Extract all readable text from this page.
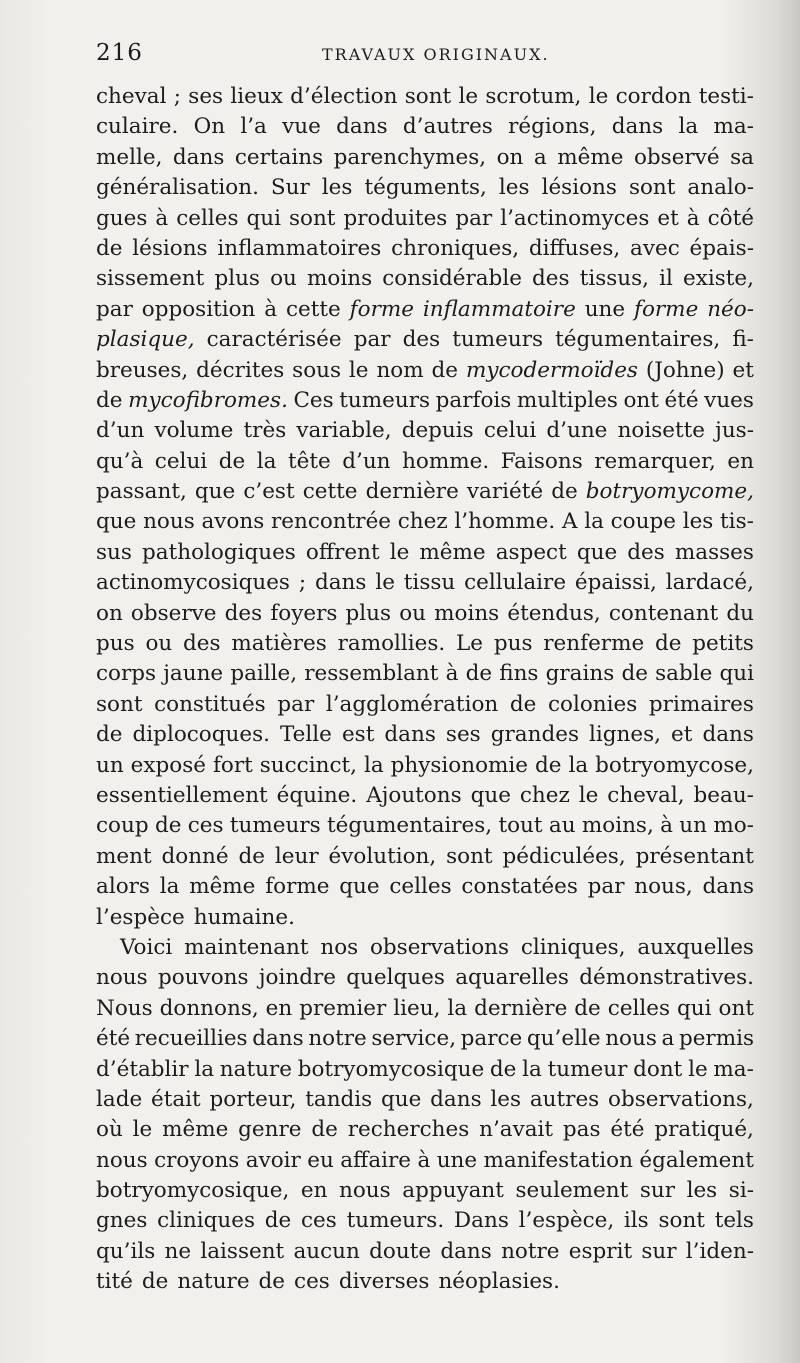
216	TRAVAUX ORIGINAUX.
cheval ; ses lieux d’élection sont le scrotum, le cordon testi-
culaire. On l’a vue dans d’autres régions, dans la ma-
melle, dans certains parenchymes, on a même observé sa
généralisation. Sur les téguments, les lésions sont analo-
gues à celles qui sont produites par l’actinomyces et à côté
de lésions inflammatoires chroniques, diffuses, avec épais-
sissement plus ou moins considérable des tissus, il existe,
par opposition à cette forme inflammatoire une forme néo-
plasique, caractérisée par des tumeurs tégumentaires, fi-
breuses, décrites sous le nom de mycodermoïdes (Johne) et
de mycofibromes. Ces tumeurs parfois multiples ont été vues
d’un volume très variable, depuis celui d’une noisette jus-
qu’à celui de la tête d’un homme. Faisons remarquer, en
passant, que c’est cette dernière variété de botryomycome,
que nous avons rencontrée chez l’homme. A la coupe les tis-
sus pathologiques offrent le même aspect que des masses
actinomycosiques ; dans le tissu cellulaire épaissi, lardacé,
on observe des foyers plus ou moins étendus, contenant du
pus ou des matières ramollies. Le pus renferme de petits
corps jaune paille, ressemblant à de fins grains de sable qui
sont constitués par l’agglomération de colonies primaires
de diplocoques. Telle est dans ses grandes lignes, et dans
un exposé fort succinct, la physionomie de la botryomycose,
essentiellement équine. Ajoutons que chez le cheval, beau-
coup de ces tumeurs tégumentaires, tout au moins, à un mo-
ment donné de leur évolution, sont pédiculées, présentant
alors la même forme que celles constatées par nous, dans
l’espèce humaine.
Voici maintenant nos observations cliniques, auxquelles
nous pouvons joindre quelques aquarelles démonstratives.
Nous donnons, en premier lieu, la dernière de celles qui ont
été recueillies dans notre service, parce qu’elle nous a permis
d’établir la nature botryomycosique de la tumeur dont le ma-
lade était porteur, tandis que dans les autres observations,
où le même genre de recherches n’avait pas été pratiqué,
nous croyons avoir eu affaire à une manifestation également
botryomycosique, en nous appuyant seulement sur les si-
gnes cliniques de ces tumeurs. Dans l’espèce, ils sont tels
qu’ils ne laissent aucun doute dans notre esprit sur l’iden-
tité de nature de ces diverses néoplasies.
